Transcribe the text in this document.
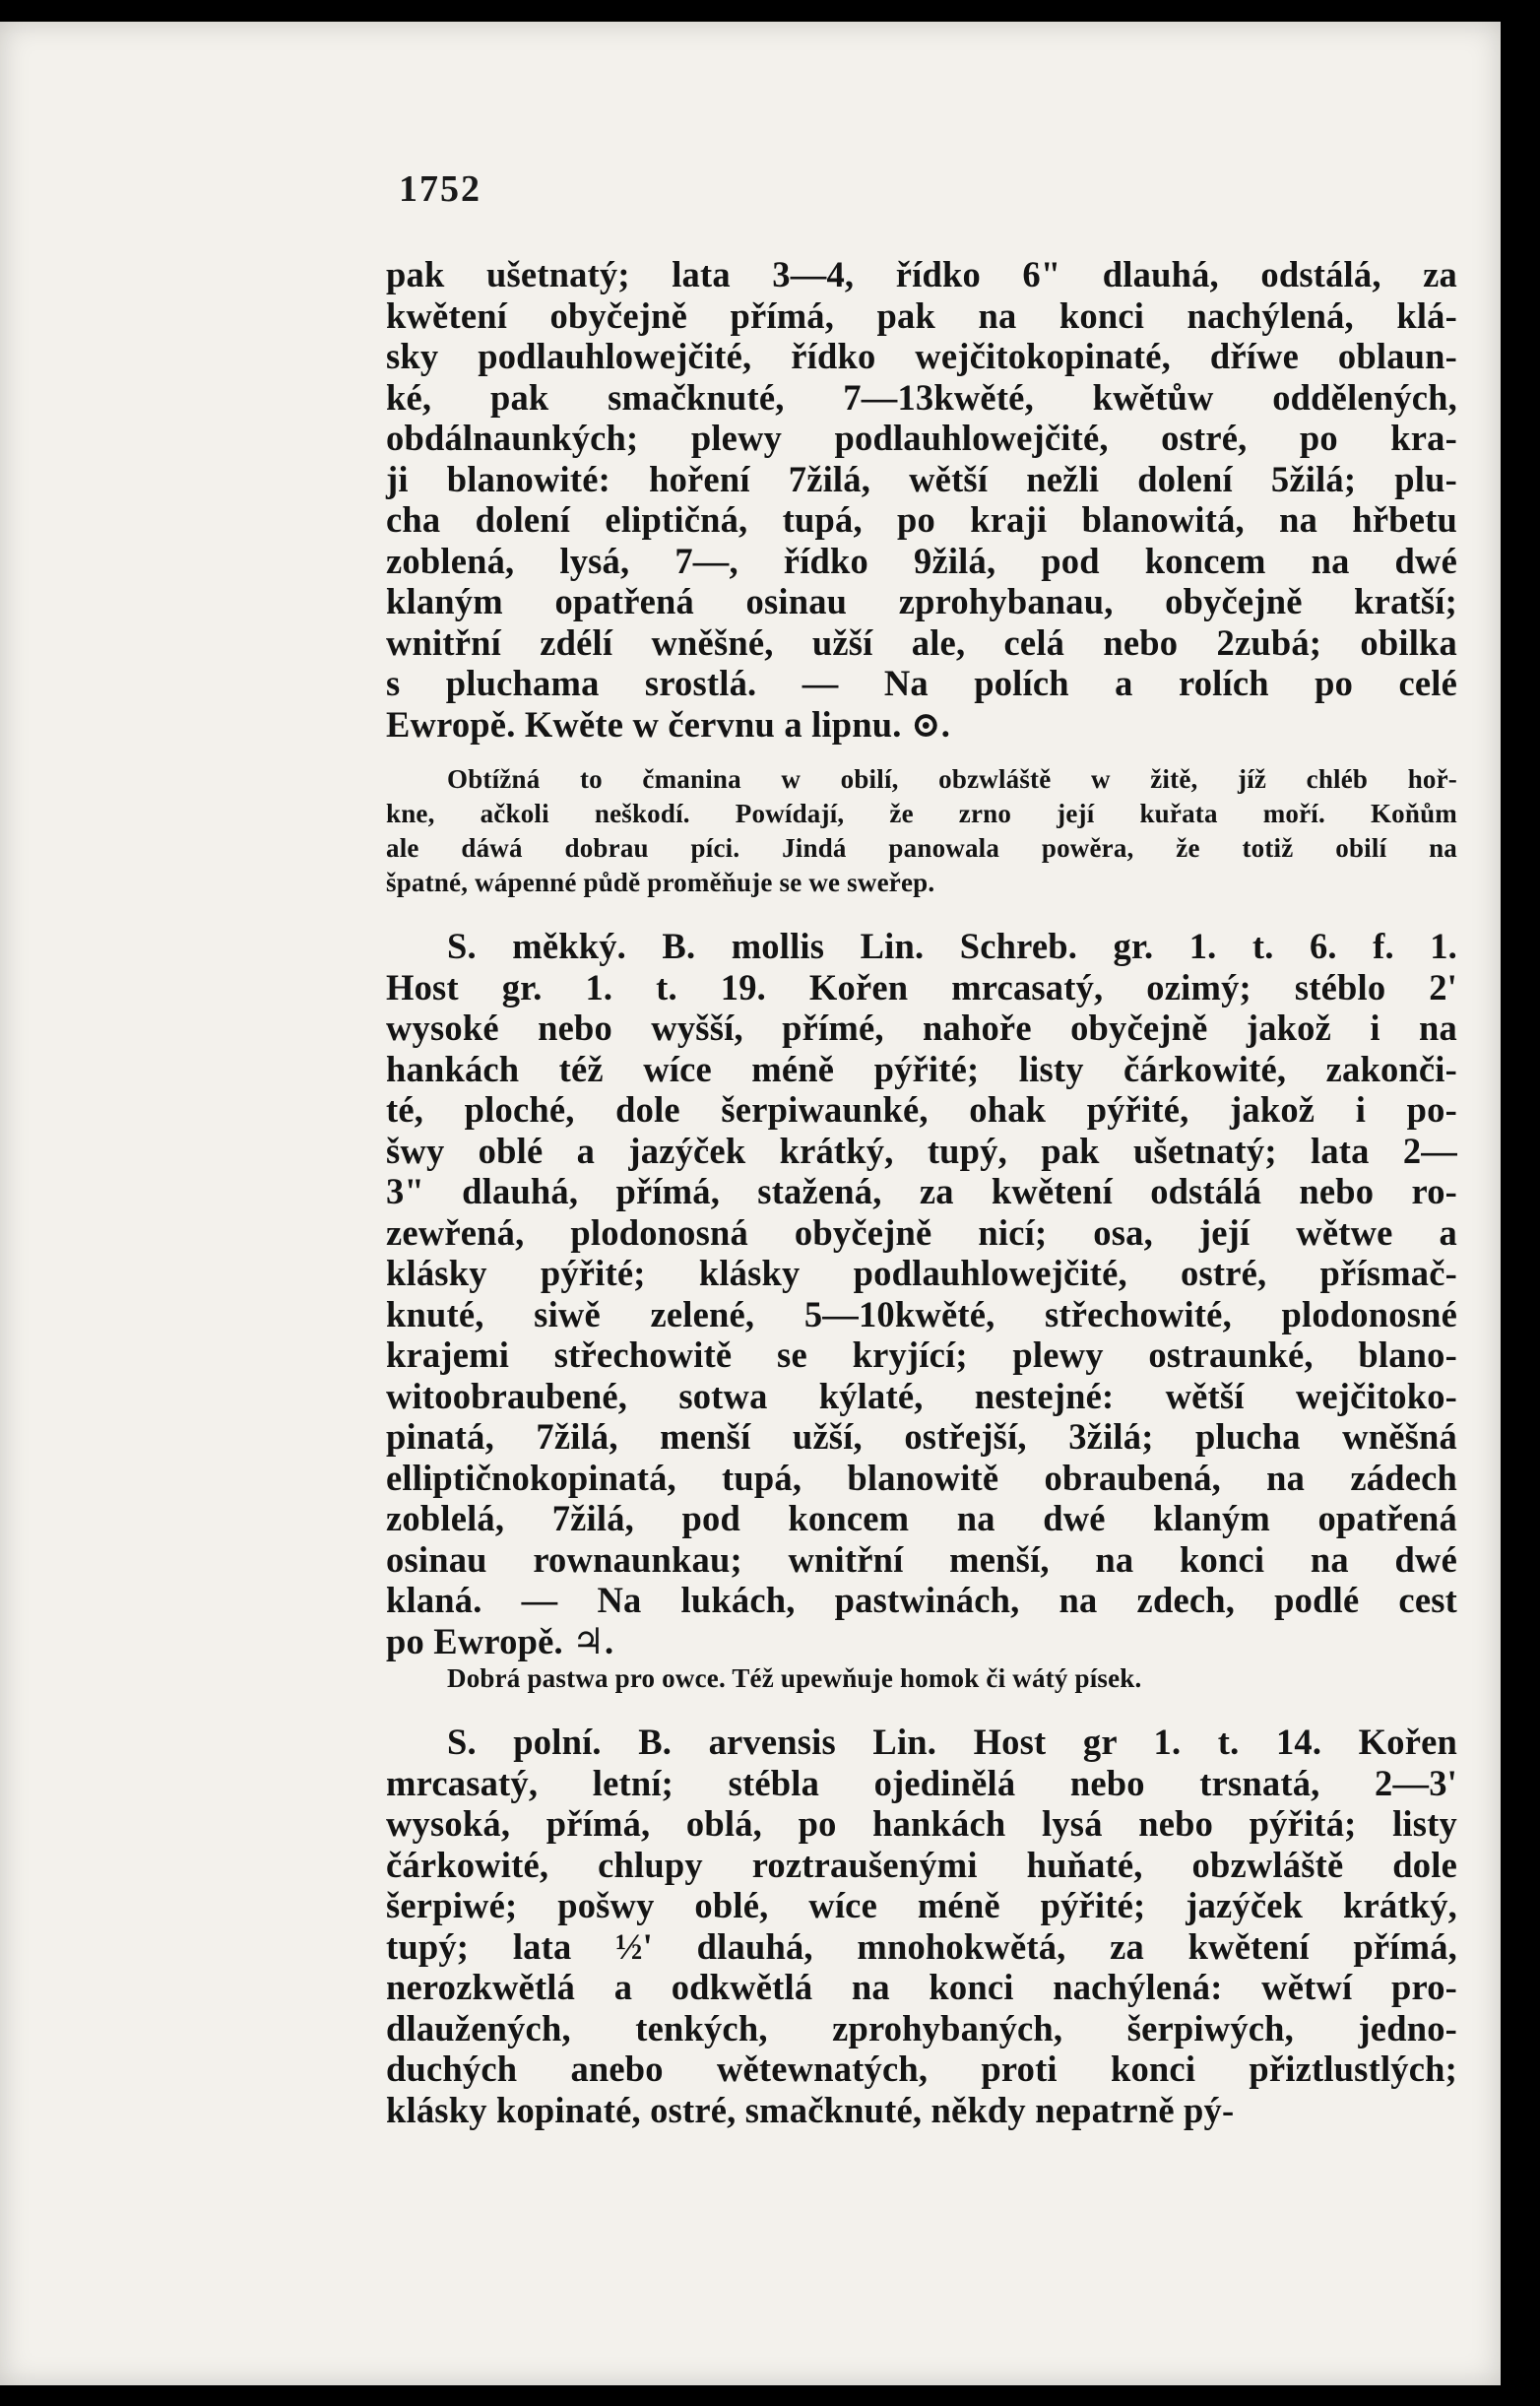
1752
pak ušetnatý; lata 3—4, řídko 6" dlauhá, odstálá, za
kwětení obyčejně přímá, pak na konci nachýlená, klá-
sky podlauhlowejčité, řídko wejčitokopinaté, dříwe oblaun-
ké, pak smačknuté, 7—13kwěté, kwětůw oddělených,
obdálnaunkých; plewy podlauhlowejčité, ostré, po kra-
ji blanowité: hoření 7žilá, wětší nežli dolení 5žilá; plu-
cha dolení eliptičná, tupá, po kraji blanowitá, na hřbetu
zoblená, lysá, 7—, řídko 9žilá, pod koncem na dwé
klaným opatřená osinau zprohybanau, obyčejně kratší;
wnitřní zdélí wněšné, užší ale, celá nebo 2zubá; obilka
s pluchama srostlá. — Na polích a rolích po celé
Ewropě. Kwěte w červnu a lipnu. ⊙.
Obtížná to čmanina w obilí, obzwláště w žitě, jíž chléb hoř-
kne, ačkoli neškodí. Powídají, že zrno její kuřata moří. Koňům
ale dáwá dobrau píci. Jindá panowala powěra, že totiž obilí na
špatné, wápenné půdě proměňuje se we sweřep.
S. měkký. B. mollis Lin. Schreb. gr. 1. t. 6. f. 1.
Host gr. 1. t. 19. Kořen mrcasatý, ozimý; stéblo 2'
wysoké nebo wyšší, přímé, nahoře obyčejně jakož i na
hankách též wíce méně pýřité; listy čárkowité, zakonči-
té, ploché, dole šerpiwaunké, ohak pýřité, jakož i po-
šwy oblé a jazýček krátký, tupý, pak ušetnatý; lata 2—
3" dlauhá, přímá, stažená, za kwětení odstálá nebo ro-
zewřená, plodonosná obyčejně nicí; osa, její wětwe a
klásky pýřité; klásky podlauhlowejčité, ostré, přísmač-
knuté, siwě zelené, 5—10kwěté, střechowité, plodonosné
krajemi střechowitě se kryjící; plewy ostraunké, blano-
witoobraubené, sotwa kýlaté, nestejné: wětší wejčitoko-
pinatá, 7žilá, menší užší, ostřejší, 3žilá; plucha wněšná
elliptičnokopinatá, tupá, blanowitě obraubená, na zádech
zoblelá, 7žilá, pod koncem na dwé klaným opatřená
osinau rownaunkau; wnitřní menší, na konci na dwé
klaná. — Na lukách, pastwinách, na zdech, podlé cest
po Ewropě. ♃.
Dobrá pastwa pro owce. Též upewňuje homok či wátý písek.
S. polní. B. arvensis Lin. Host gr 1. t. 14. Kořen
mrcasatý, letní; stébla ojedinělá nebo trsnatá, 2—3'
wysoká, přímá, oblá, po hankách lysá nebo pýřitá; listy
čárkowité, chlupy roztraušenými huňaté, obzwláště dole
šerpiwé; pošwy oblé, wíce méně pýřité; jazýček krátký,
tupý; lata ½' dlauhá, mnohokwětá, za kwětení přímá,
nerozkwětlá a odkwětlá na konci nachýlená: wětwí pro-
dlaužených, tenkých, zprohybaných, šerpiwých, jedno-
duchých anebo wětewnatých, proti konci přiztlustlých;
klásky kopinaté, ostré, smačknuté, někdy nepatrně pý-
